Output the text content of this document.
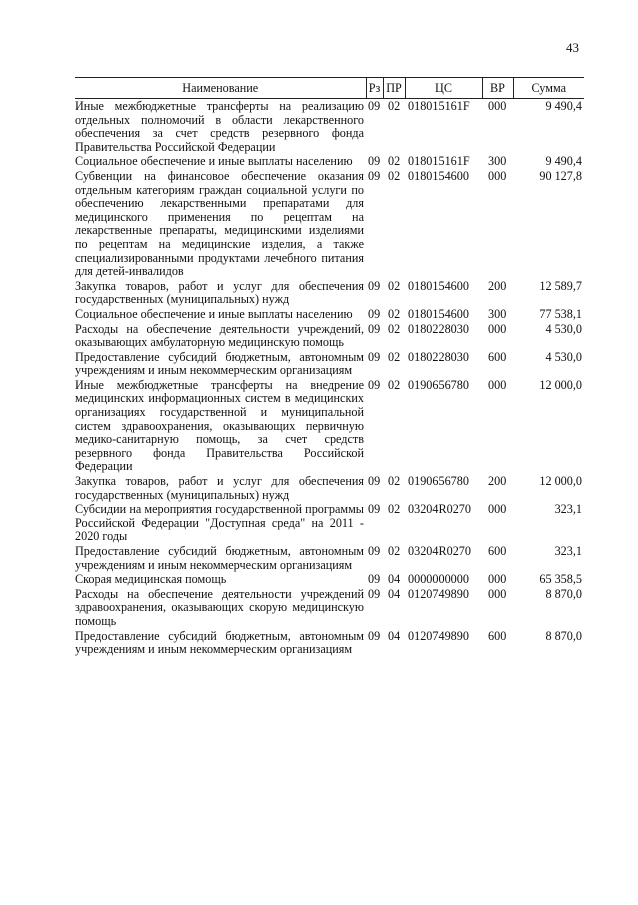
43
Наименование	Рз	ПР	ЦС	ВР	Сумма
Иные межбюджетные трансферты на реализацию отдельных полномочий в области лекарственного обеспечения за счет средств резервного фонда Правительства Российской Федерации	09	02	018015161F	000	9 490,4
Социальное обеспечение и иные выплаты населению	09	02	018015161F	300	9 490,4
Субвенции на финансовое обеспечение оказания отдельным категориям граждан социальной услуги по обеспечению лекарственными препаратами для медицинского применения по рецептам на лекарственные препараты, медицинскими изделиями по рецептам на медицинские изделия, а также специализированными продуктами лечебного питания для детей-инвалидов	09	02	0180154600	000	90 127,8
Закупка товаров, работ и услуг для обеспечения государственных (муниципальных) нужд	09	02	0180154600	200	12 589,7
Социальное обеспечение и иные выплаты населению	09	02	0180154600	300	77 538,1
Расходы на обеспечение деятельности учреждений, оказывающих амбулаторную медицинскую помощь	09	02	0180228030	000	4 530,0
Предоставление субсидий бюджетным, автономным учреждениям и иным некоммерческим организациям	09	02	0180228030	600	4 530,0
Иные межбюджетные трансферты на внедрение медицинских информационных систем в медицинских организациях государственной и муниципальной систем здравоохранения, оказывающих первичную медико-санитарную помощь, за счет средств резервного фонда Правительства Российской Федерации	09	02	0190656780	000	12 000,0
Закупка товаров, работ и услуг для обеспечения государственных (муниципальных) нужд	09	02	0190656780	200	12 000,0
Субсидии на мероприятия государственной программы Российской Федерации "Доступная среда" на 2011 - 2020 годы	09	02	03204R0270	000	323,1
Предоставление субсидий бюджетным, автономным учреждениям и иным некоммерческим организациям	09	02	03204R0270	600	323,1
Скорая медицинская помощь	09	04	0000000000	000	65 358,5
Расходы на обеспечение деятельности учреждений здравоохранения, оказывающих скорую медицинскую помощь	09	04	0120749890	000	8 870,0
Предоставление субсидий бюджетным, автономным учреждениям и иным некоммерческим организациям	09	04	0120749890	600	8 870,0
